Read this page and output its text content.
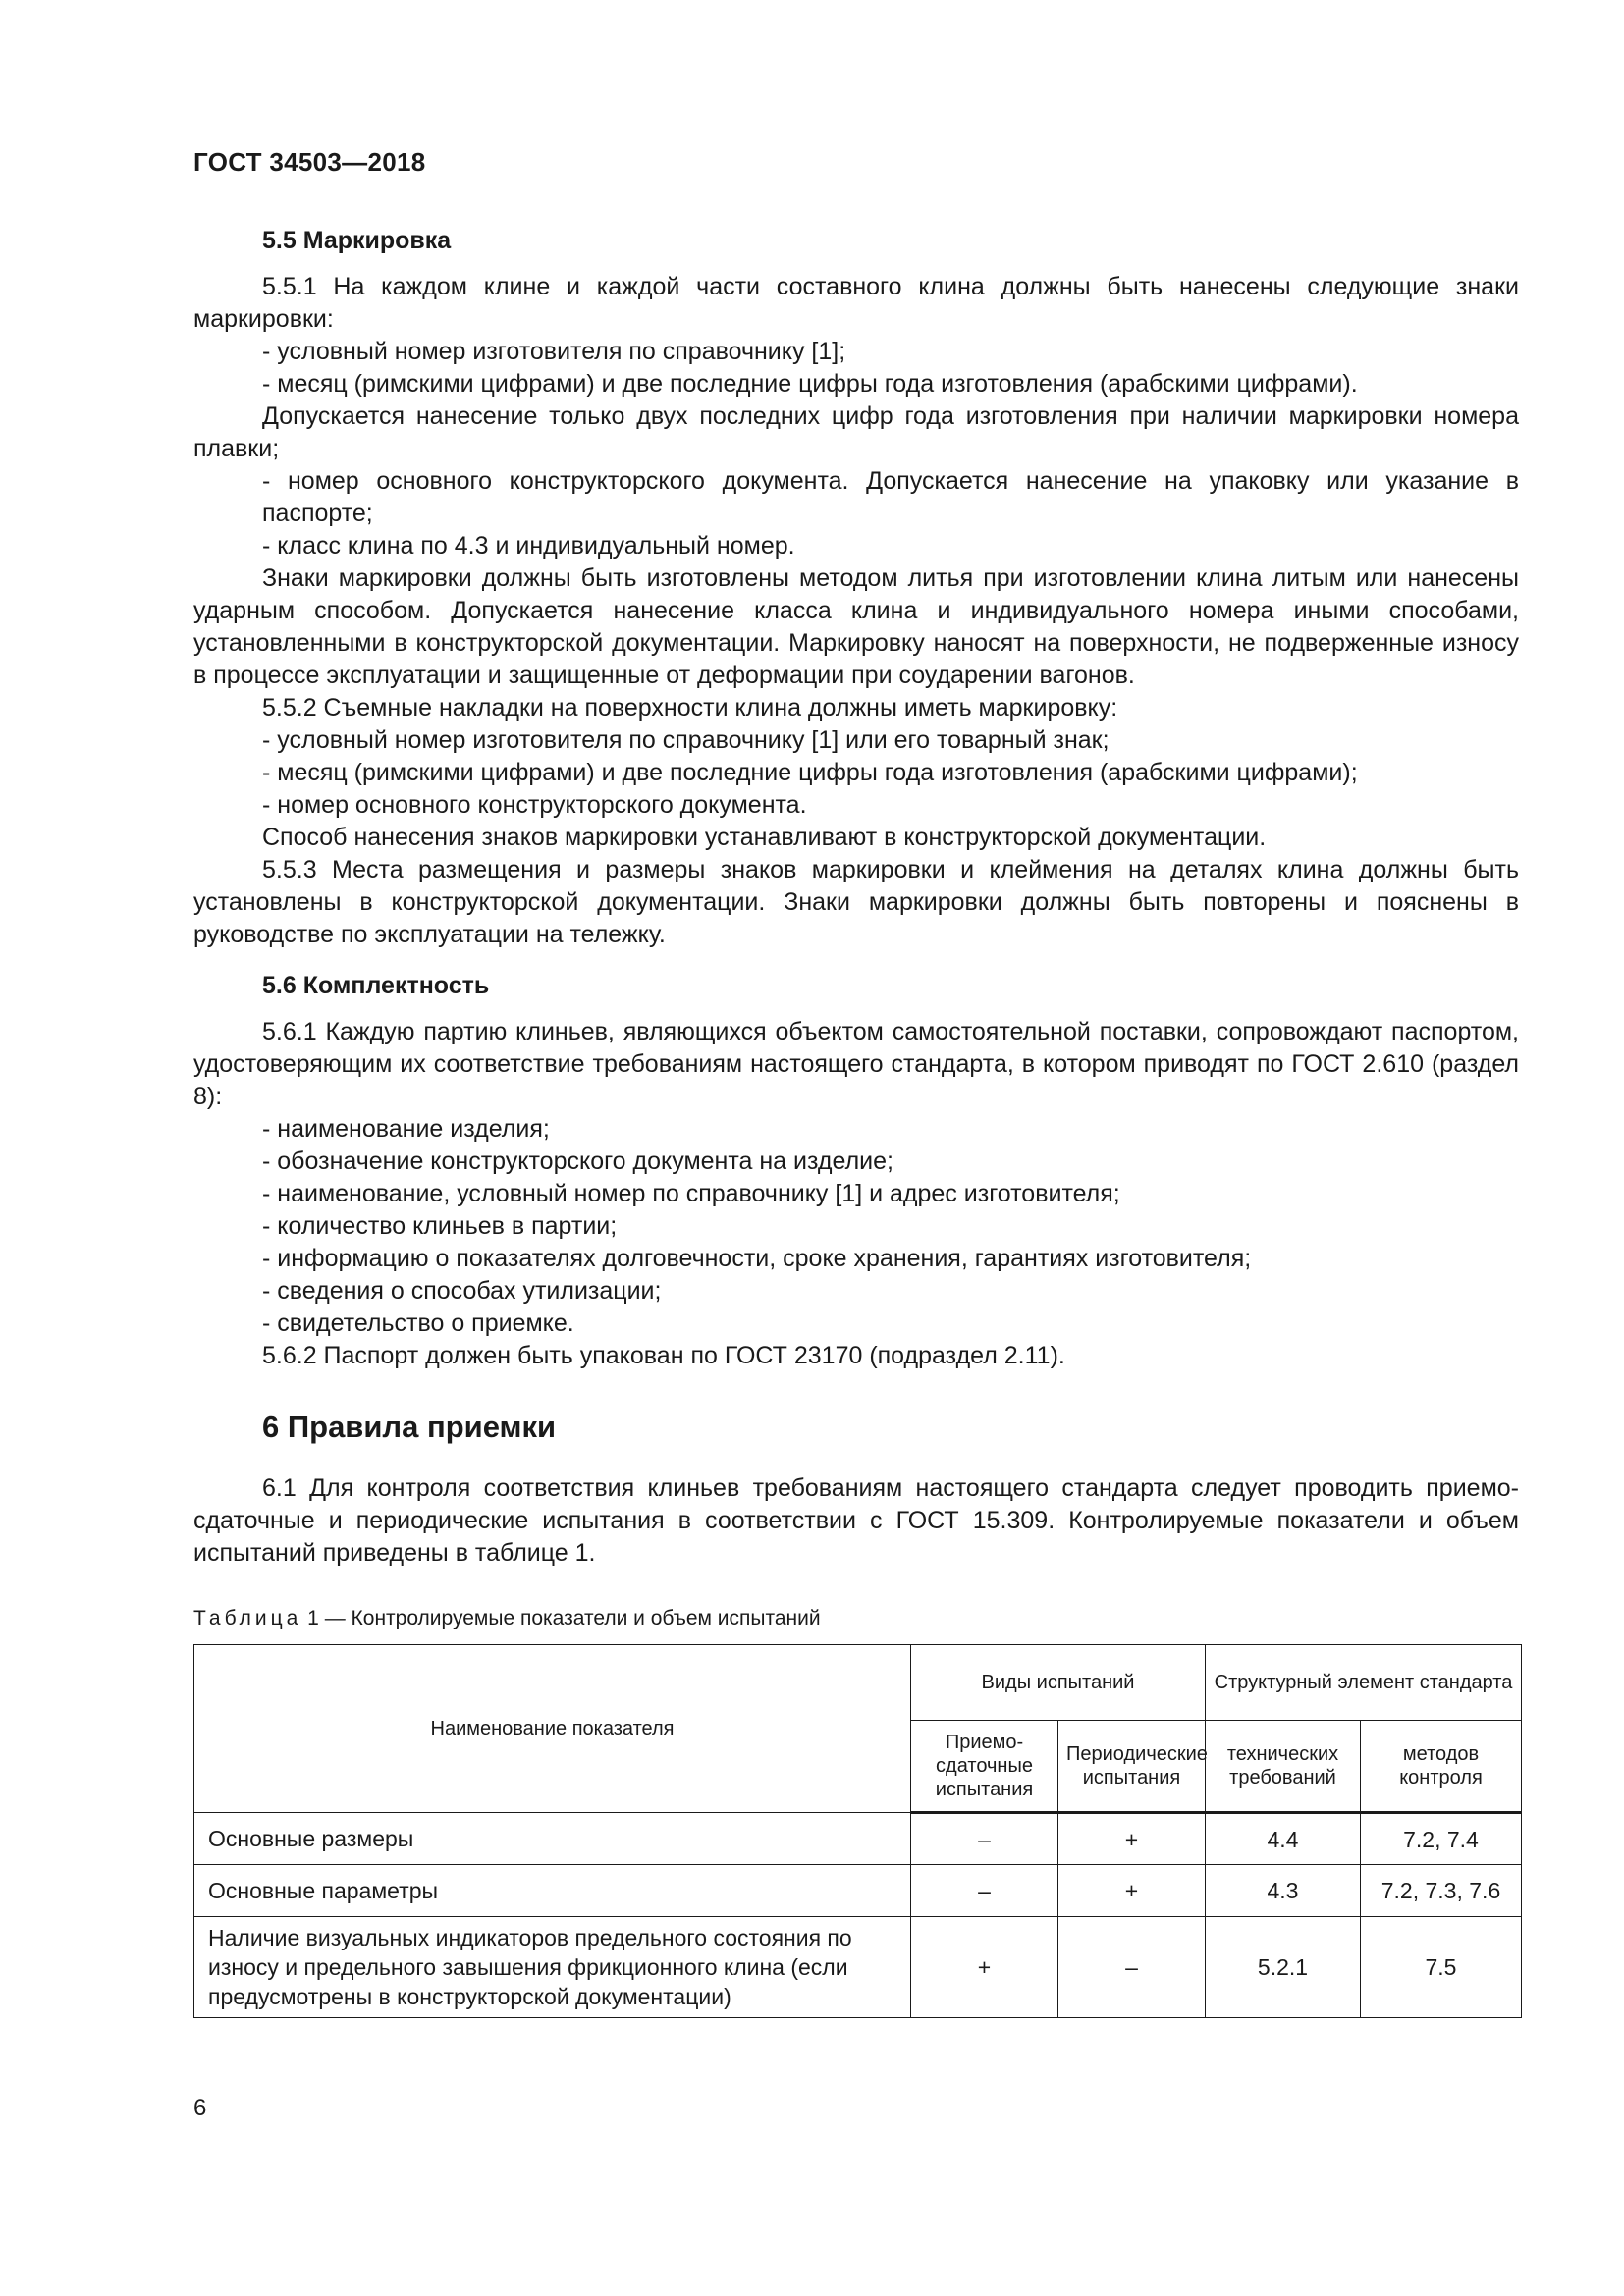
ГОСТ 34503—2018
5.5 Маркировка

5.5.1 На каждом клине и каждой части составного клина должны быть нанесены следующие знаки маркировки:

- условный номер изготовителя по справочнику [1];

- месяц (римскими цифрами) и две последние цифры года изготовления (арабскими цифрами).

Допускается нанесение только двух последних цифр года изготовления при наличии маркировки номера плавки;

- номер основного конструкторского документа. Допускается нанесение на упаковку или указание в паспорте;

- класс клина по 4.3 и индивидуальный номер.

Знаки маркировки должны быть изготовлены методом литья при изготовлении клина литым или нанесены ударным способом. Допускается нанесение класса клина и индивидуального номера иными способами, установленными в конструкторской документации. Маркировку наносят на поверхности, не подверженные износу в процессе эксплуатации и защищенные от деформации при соударении вагонов.

5.5.2 Съемные накладки на поверхности клина должны иметь маркировку:

- условный номер изготовителя по справочнику [1] или его товарный знак;

- месяц (римскими цифрами) и две последние цифры года изготовления (арабскими цифрами);

- номер основного конструкторского документа.

Способ нанесения знаков маркировки устанавливают в конструкторской документации.

5.5.3 Места размещения и размеры знаков маркировки и клеймения на деталях клина должны быть установлены в конструкторской документации. Знаки маркировки должны быть повторены и пояснены в руководстве по эксплуатации на тележку.

5.6 Комплектность

5.6.1 Каждую партию клиньев, являющихся объектом самостоятельной поставки, сопровождают паспортом, удостоверяющим их соответствие требованиям настоящего стандарта, в котором приводят по ГОСТ 2.610 (раздел 8):

- наименование изделия;

- обозначение конструкторского документа на изделие;

- наименование, условный номер по справочнику [1] и адрес изготовителя;

- количество клиньев в партии;

- информацию о показателях долговечности, сроке хранения, гарантиях изготовителя;

- сведения о способах утилизации;

- свидетельство о приемке.

5.6.2 Паспорт должен быть упакован по ГОСТ 23170 (подраздел 2.11).

6 Правила приемки

6.1 Для контроля соответствия клиньев требованиям настоящего стандарта следует проводить приемо-сдаточные и периодические испытания в соответствии с ГОСТ 15.309. Контролируемые показатели и объем испытаний приведены в таблице 1.

Таблица 1 — Контролируемые показатели и объем испытаний
Наименование показателя	Виды испытаний		Структурный элемент стандарта	
	Приемо-сдаточные испытания	Периодические испытания	технических требований	методов контроля
Основные размеры	–	+	4.4	7.2, 7.4
Основные параметры	–	+	4.3	7.2, 7.3, 7.6
Наличие визуальных индикаторов предельного состояния по износу и предельного завышения фрикционного клина (если предусмотрены в конструкторской документации)	+	–	5.2.1	7.5
6
